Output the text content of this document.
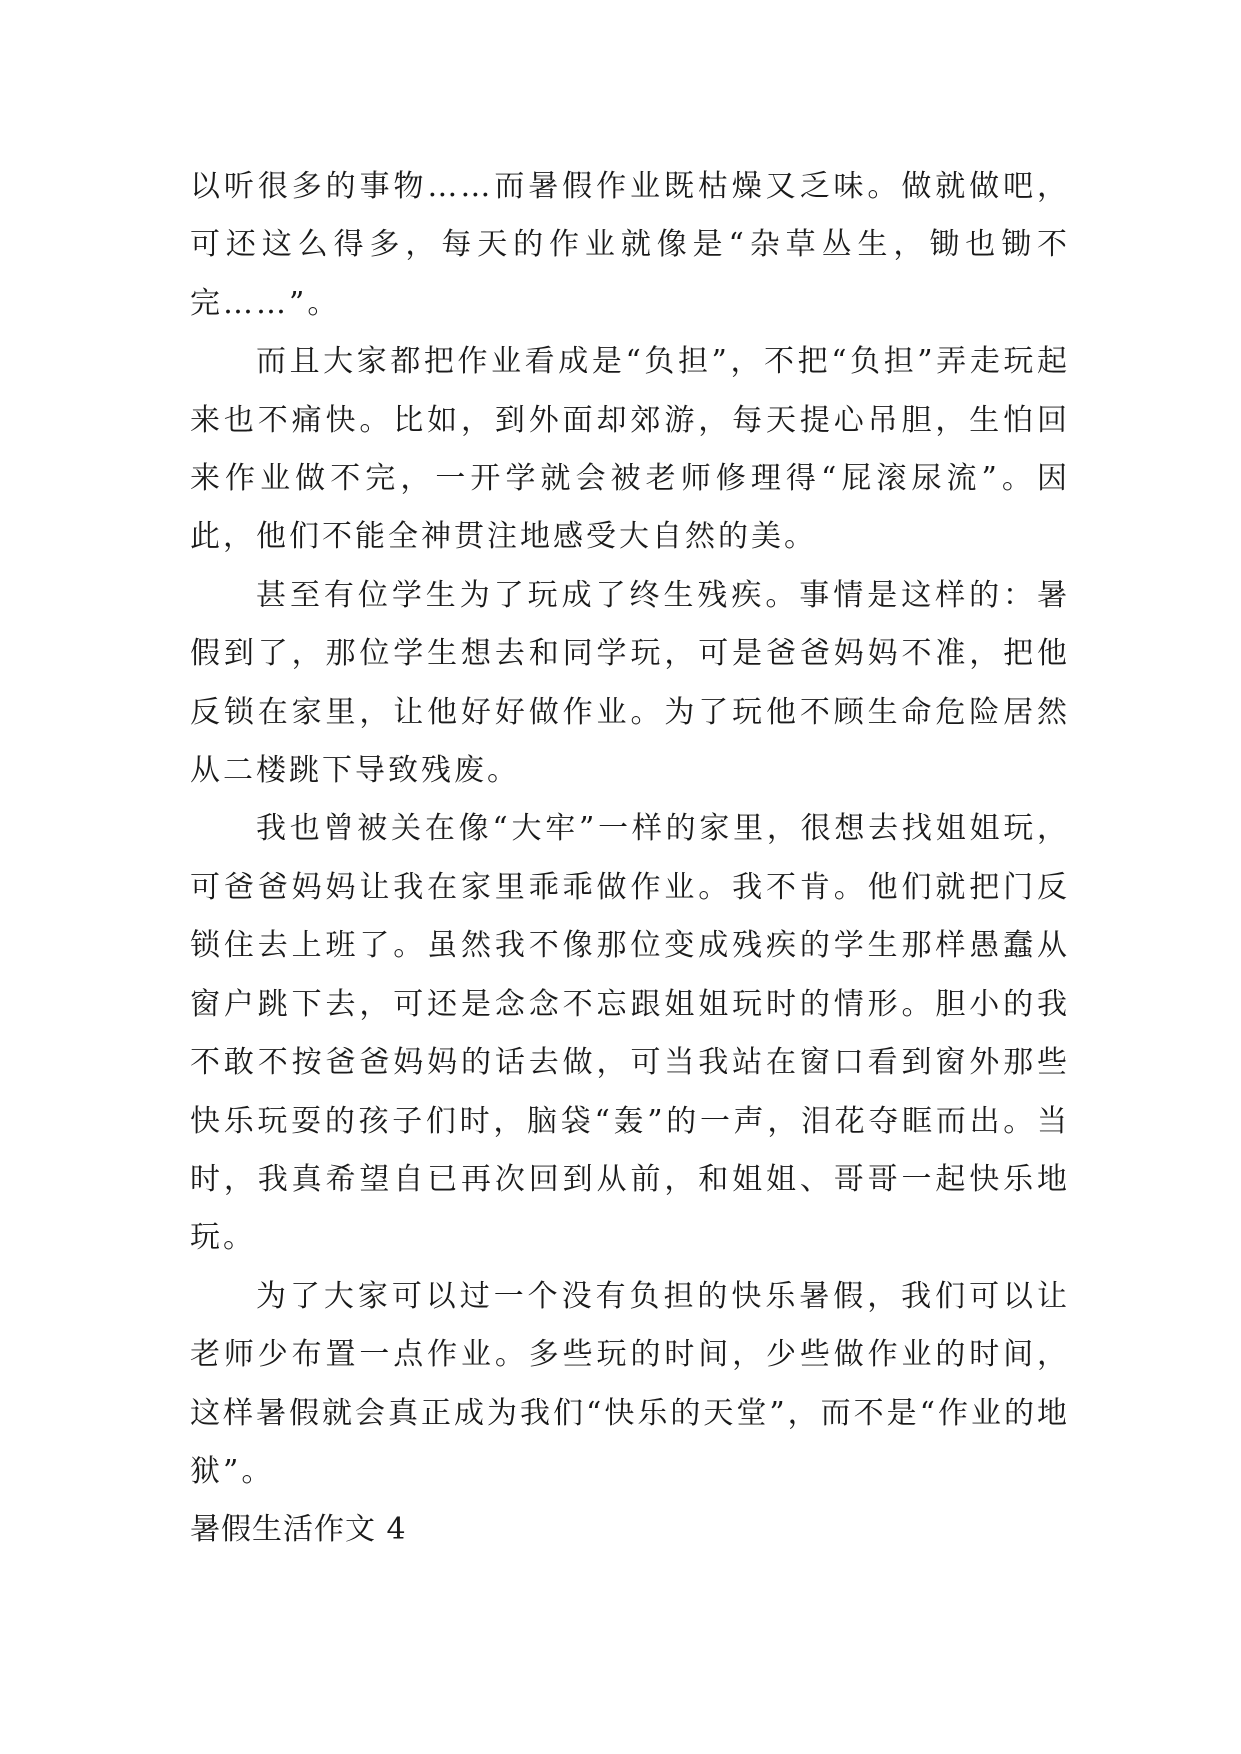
以听很多的事物……而暑假作业既枯燥又乏味。做就做吧，可还这么得多，每天的作业就像是“杂草丛生，锄也锄不完……”。

而且大家都把作业看成是“负担”，不把“负担”弄走玩起来也不痛快。比如，到外面却郊游，每天提心吊胆，生怕回来作业做不完，一开学就会被老师修理得“屁滚尿流”。因此，他们不能全神贯注地感受大自然的美。

甚至有位学生为了玩成了终生残疾。事情是这样的：暑假到了，那位学生想去和同学玩，可是爸爸妈妈不准，把他反锁在家里，让他好好做作业。为了玩他不顾生命危险居然从二楼跳下导致残废。

我也曾被关在像“大牢”一样的家里，很想去找姐姐玩，可爸爸妈妈让我在家里乖乖做作业。我不肯。他们就把门反锁住去上班了。虽然我不像那位变成残疾的学生那样愚蠢从窗户跳下去，可还是念念不忘跟姐姐玩时的情形。胆小的我不敢不按爸爸妈妈的话去做，可当我站在窗口看到窗外那些快乐玩耍的孩子们时，脑袋“轰”的一声，泪花夺眶而出。当时，我真希望自已再次回到从前，和姐姐、哥哥一起快乐地玩。

为了大家可以过一个没有负担的快乐暑假，我们可以让老师少布置一点作业。多些玩的时间，少些做作业的时间，这样暑假就会真正成为我们“快乐的天堂”，而不是“作业的地狱”。

暑假生活作文 4
